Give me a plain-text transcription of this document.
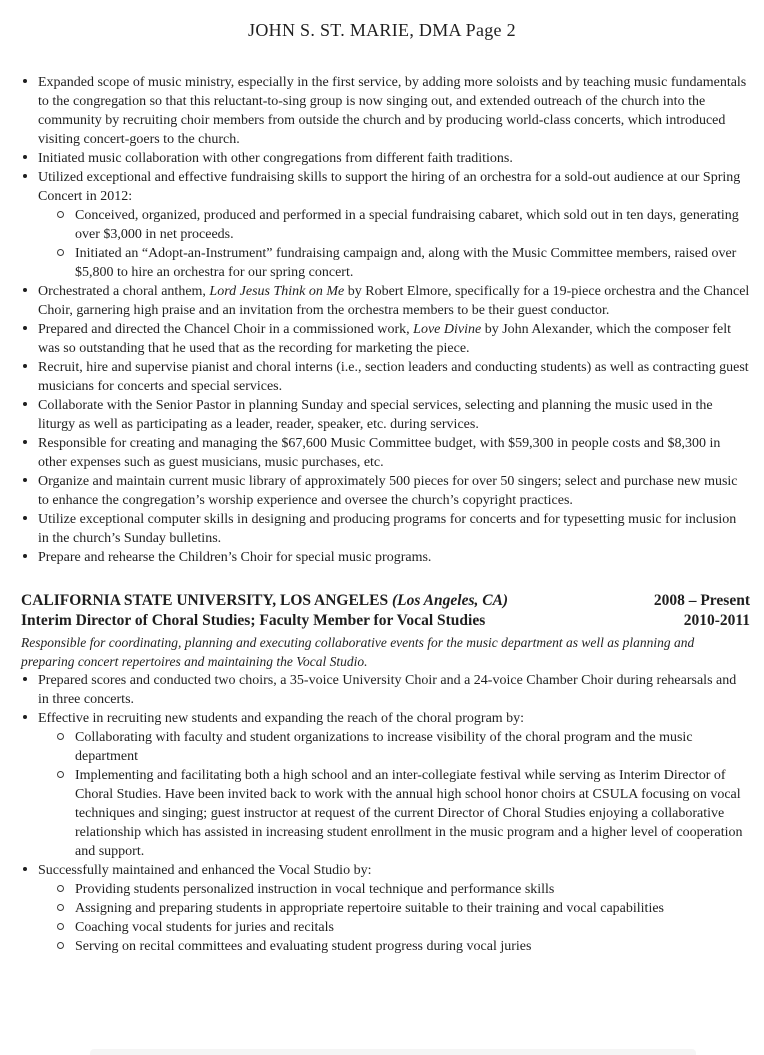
JOHN S. ST. MARIE, DMA Page 2
Expanded scope of music ministry, especially in the first service, by adding more soloists and by teaching music fundamentals to the congregation so that this reluctant-to-sing group is now singing out, and extended outreach of the church into the community by recruiting choir members from outside the church and by producing world-class concerts, which introduced visiting concert-goers to the church.
Initiated music collaboration with other congregations from different faith traditions.
Utilized exceptional and effective fundraising skills to support the hiring of an orchestra for a sold-out audience at our Spring Concert in 2012:
Conceived, organized, produced and performed in a special fundraising cabaret, which sold out in ten days, generating over $3,000 in net proceeds.
Initiated an “Adopt-an-Instrument” fundraising campaign and, along with the Music Committee members, raised over $5,800 to hire an orchestra for our spring concert.
Orchestrated a choral anthem, Lord Jesus Think on Me by Robert Elmore, specifically for a 19-piece orchestra and the Chancel Choir, garnering high praise and an invitation from the orchestra members to be their guest conductor.
Prepared and directed the Chancel Choir in a commissioned work, Love Divine by John Alexander, which the composer felt was so outstanding that he used that as the recording for marketing the piece.
Recruit, hire and supervise pianist and choral interns (i.e., section leaders and conducting students) as well as contracting guest musicians for concerts and special services.
Collaborate with the Senior Pastor in planning Sunday and special services, selecting and planning the music used in the liturgy as well as participating as a leader, reader, speaker, etc. during services.
Responsible for creating and managing the $67,600 Music Committee budget, with $59,300 in people costs and $8,300 in other expenses such as guest musicians, music purchases, etc.
Organize and maintain current music library of approximately 500 pieces for over 50 singers; select and purchase new music to enhance the congregation’s worship experience and oversee the church’s copyright practices.
Utilize exceptional computer skills in designing and producing programs for concerts and for typesetting music for inclusion in the church’s Sunday bulletins.
Prepare and rehearse the Children’s Choir for special music programs.
CALIFORNIA STATE UNIVERSITY, LOS ANGELES (Los Angeles, CA)	2008 – Present
Interim Director of Choral Studies; Faculty Member for Vocal Studies	2010-2011

Responsible for coordinating, planning and executing collaborative events for the music department as well as planning and preparing concert repertoires and maintaining the Vocal Studio.

Prepared scores and conducted two choirs, a 35-voice University Choir and a 24-voice Chamber Choir during rehearsals and in three concerts.
Effective in recruiting new students and expanding the reach of the choral program by:
Collaborating with faculty and student organizations to increase visibility of the choral program and the music department
Implementing and facilitating both a high school and an inter-collegiate festival while serving as Interim Director of Choral Studies. Have been invited back to work with the annual high school honor choirs at CSULA focusing on vocal techniques and singing; guest instructor at request of the current Director of Choral Studies enjoying a collaborative relationship which has assisted in increasing student enrollment in the music program and a higher level of cooperation and support.
Successfully maintained and enhanced the Vocal Studio by:
Providing students personalized instruction in vocal technique and performance skills
Assigning and preparing students in appropriate repertoire suitable to their training and vocal capabilities
Coaching vocal students for juries and recitals
Serving on recital committees and evaluating student progress during vocal juries
